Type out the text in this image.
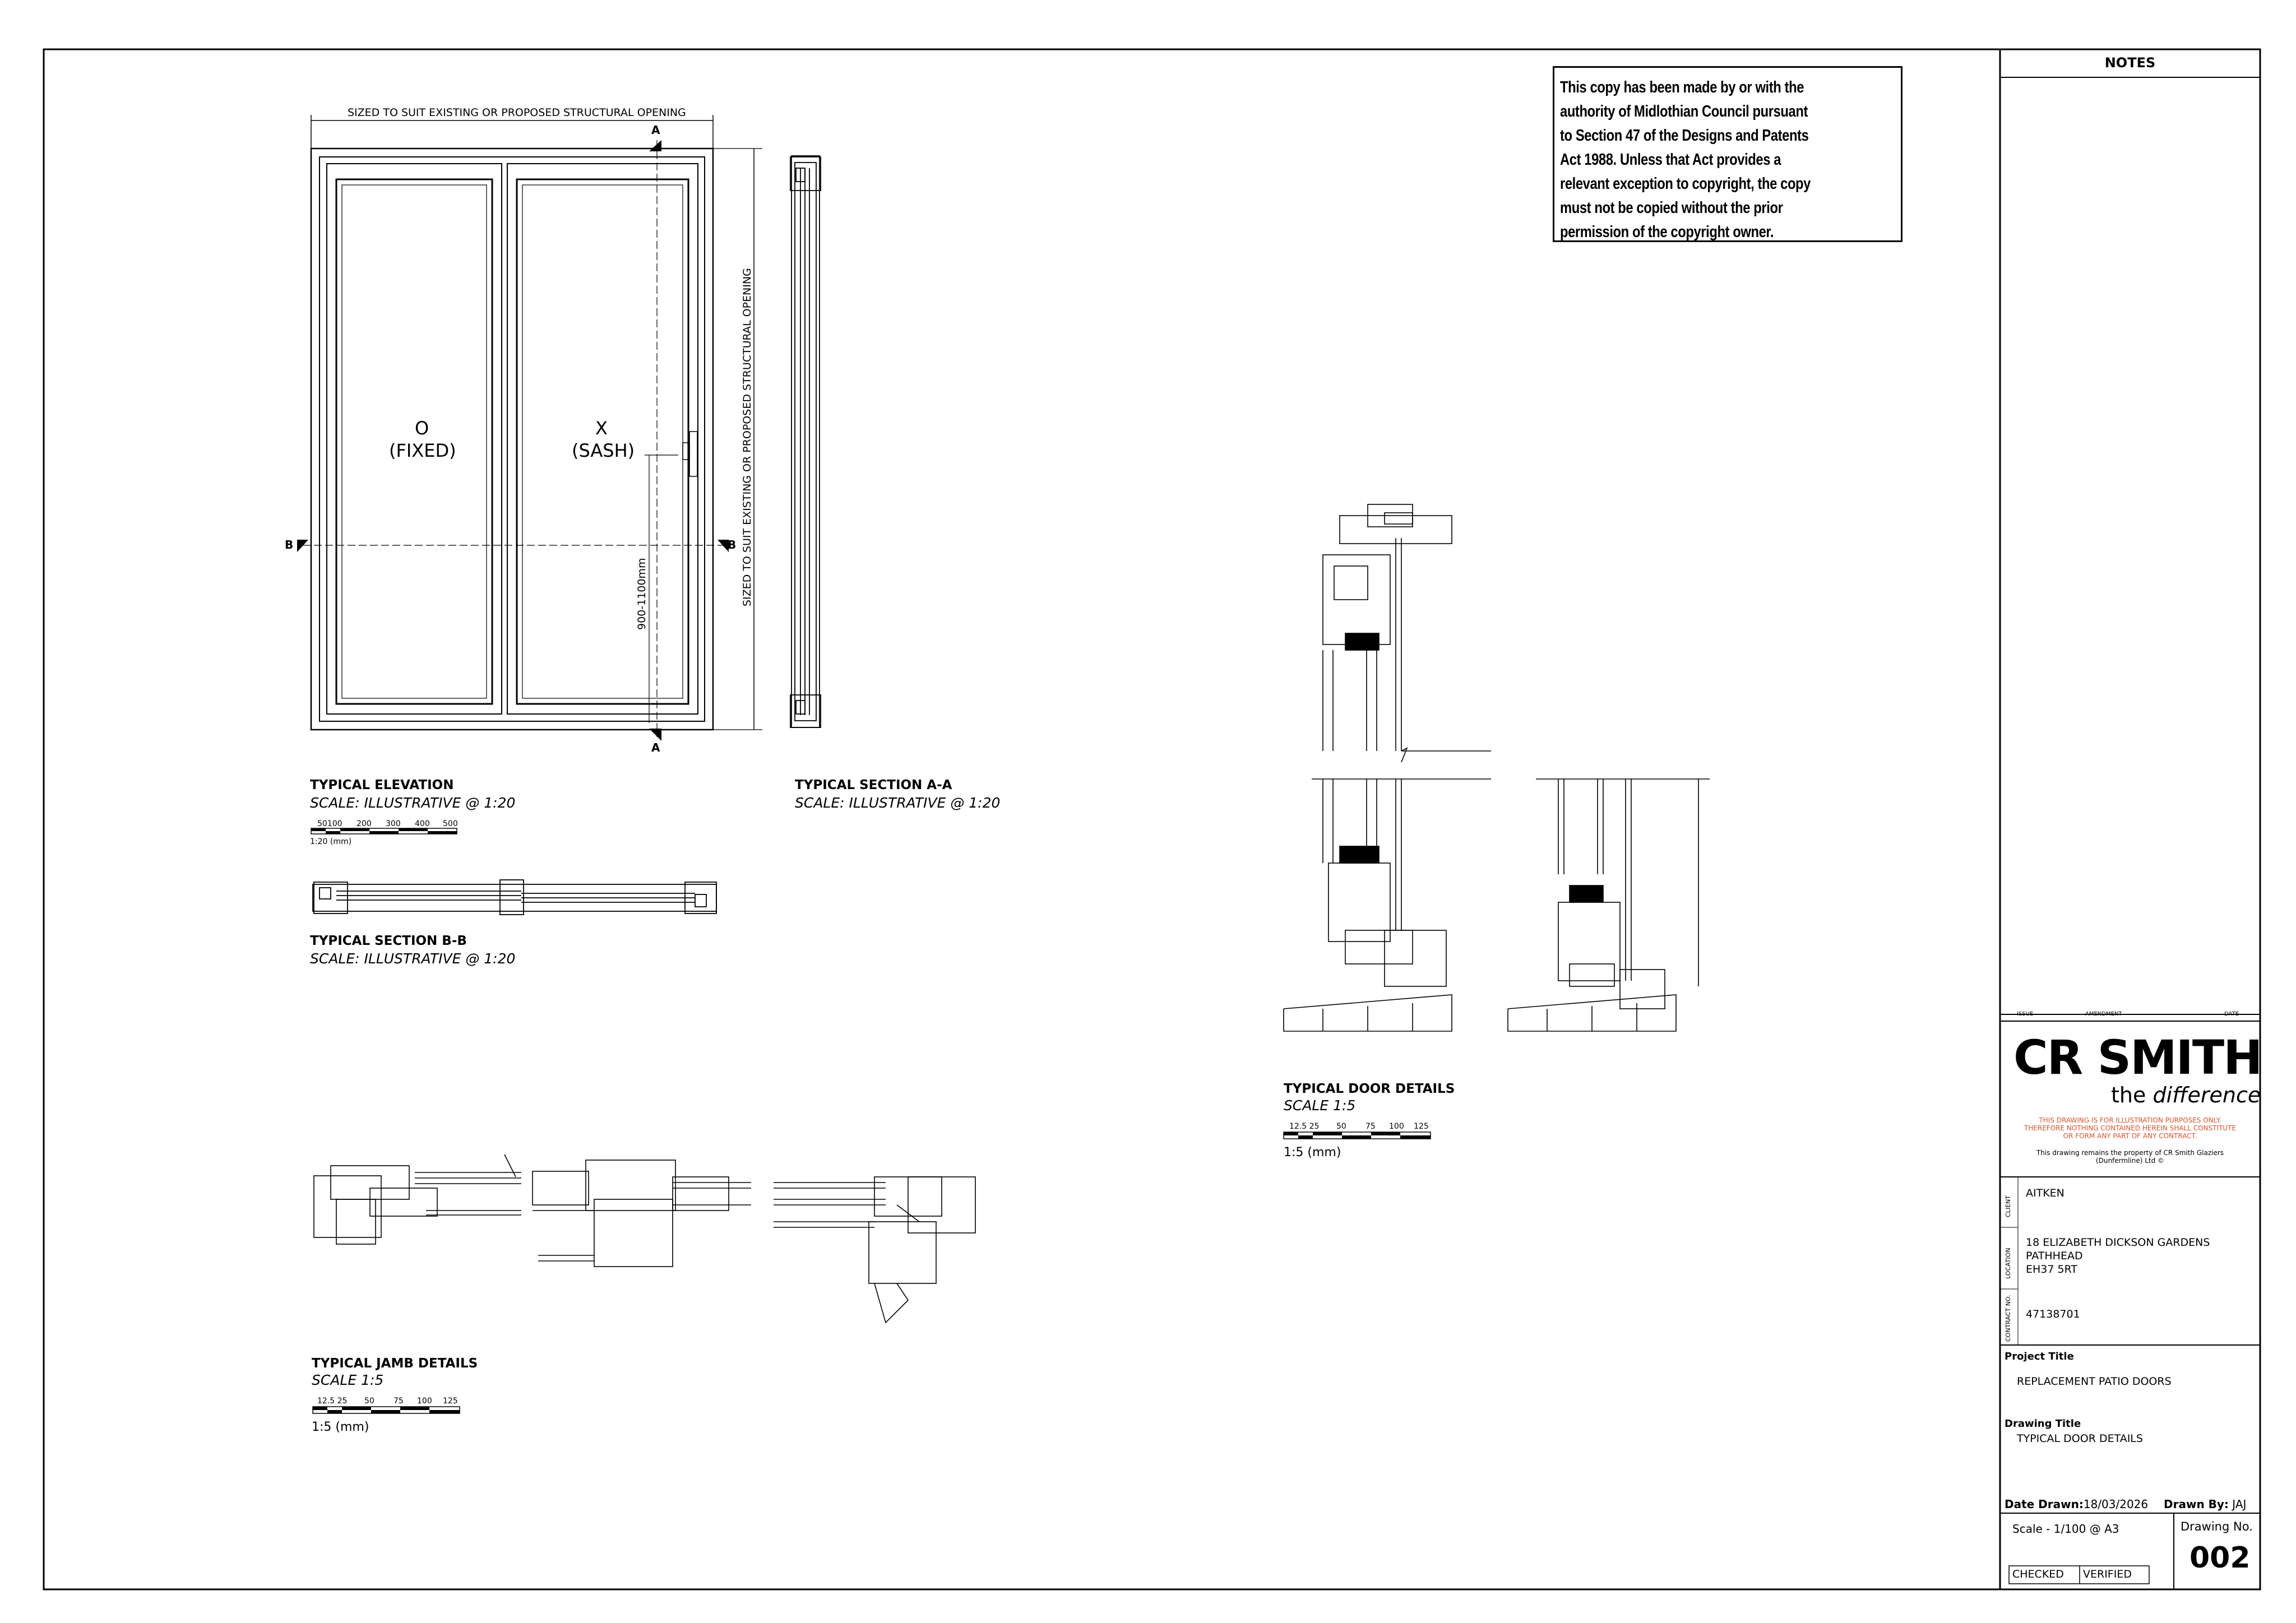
This copy has been made by or with the
authority of Midlothian Council pursuant
to Section 47 of the Designs and Patents
Act 1988. Unless that Act provides a
relevant exception to copyright, the copy
must not be copied without the prior
permission of the copyright owner.
SIZED TO SUIT EXISTING OR PROPOSED STRUCTURAL OPENING
SIZED TO SUIT EXISTING OR PROPOSED STRUCTURAL OPENING
900-1100mm
O
(FIXED)
X
(SASH)
A
A
B	B
TYPICAL ELEVATION
SCALE: ILLUSTRATIVE @ 1:20
50100 200 300 400 500
1:20 (mm)
TYPICAL SECTION A-A
SCALE: ILLUSTRATIVE @ 1:20
TYPICAL SECTION B-B
SCALE: ILLUSTRATIVE @ 1:20
TYPICAL DOOR DETAILS
SCALE 1:5
12.5 25 50 75 100 125
1:5 (mm)
TYPICAL JAMB DETAILS
SCALE 1:5
12.5 25 50 75 100 125
1:5 (mm)
NOTES
ISSUE	AMENDMENT	DATE
CR SMITH
the difference
THIS DRAWING IS FOR ILLUSTRATION PURPOSES ONLY.
THEREFORE NOTHING CONTAINED HEREIN SHALL CONSTITUTE
OR FORM ANY PART OF ANY CONTRACT.
This drawing remains the property of CR Smith Glaziers
(Dunfermline) Ltd ©
CLIENT
AITKEN
LOCATION
18 ELIZABETH DICKSON GARDENS
PATHHEAD
EH37 5RT
CONTRACT NO. 47138701
Project Title
REPLACEMENT PATIO DOORS
Drawing Title
TYPICAL DOOR DETAILS
Date Drawn:18/03/2026 Drawn By: JAJ
Scale - 1/100 @ A3	Drawing No.
002
CHECKED VERIFIED
